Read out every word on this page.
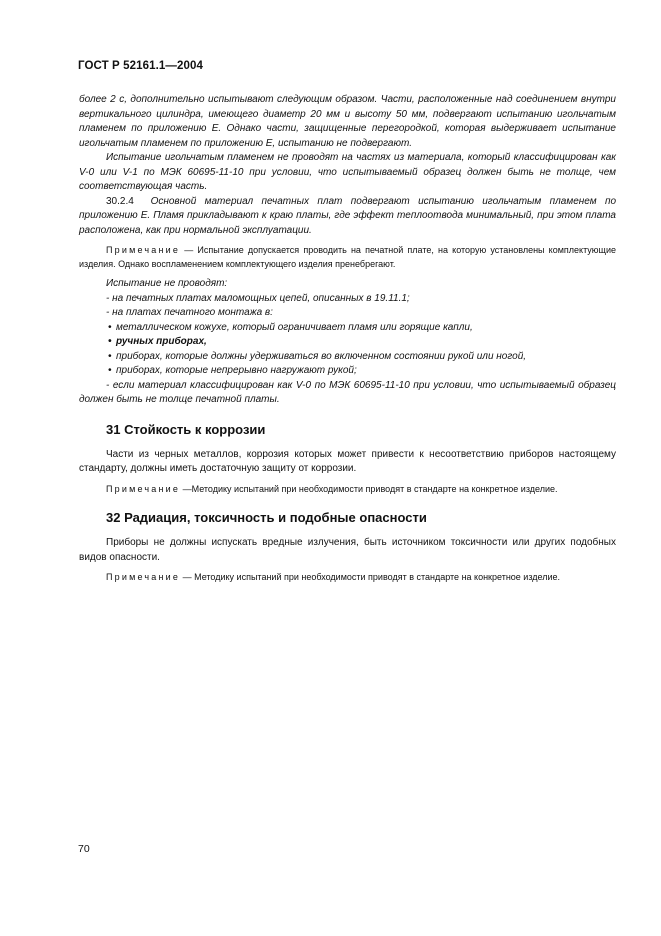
ГОСТ Р 52161.1—2004

более 2 с, дополнительно испытывают следующим образом. Части, расположенные над соединением внутри вертикального цилиндра, имеющего диаметр 20 мм и высоту 50 мм, подвергают испытанию игольчатым пламенем по приложению Е. Однако части, защищенные перегородкой, которая выдерживает испытание игольчатым пламенем по приложению Е, испытанию не подвергают.

Испытание игольчатым пламенем не проводят на частях из материала, который классифицирован как V-0 или V-1 по МЭК 60695-11-10 при условии, что испытываемый образец должен быть не толще, чем соответствующая часть.

30.2.4 Основной материал печатных плат подвергают испытанию игольчатым пламенем по приложению Е. Пламя прикладывают к краю платы, где эффект теплоотвода минимальный, при этом плата расположена, как при нормальной эксплуатации.

Примечание — Испытание допускается проводить на печатной плате, на которую установлены комплектующие изделия. Однако воспламенением комплектующего изделия пренебрегают.

Испытание не проводят:

- на печатных платах маломощных цепей, описанных в 19.11.1;

- на платах печатного монтажа в:

• металлическом кожухе, который ограничивает пламя или горящие капли,

• ручных приборах,

• приборах, которые должны удерживаться во включенном состоянии рукой или ногой,

• приборах, которые непрерывно нагружают рукой;

- если материал классифицирован как V-0 по МЭК 60695-11-10 при условии, что испытываемый образец должен быть не толще печатной платы.

31 Стойкость к коррозии

Части из черных металлов, коррозия которых может привести к несоответствию приборов настоящему стандарту, должны иметь достаточную защиту от коррозии.

Примечание —Методику испытаний при необходимости приводят в стандарте на конкретное изделие.

32 Радиация, токсичность и подобные опасности

Приборы не должны испускать вредные излучения, быть источником токсичности или других подобных видов опасности.

Примечание — Методику испытаний при необходимости приводят в стандарте на конкретное изделие.

70
